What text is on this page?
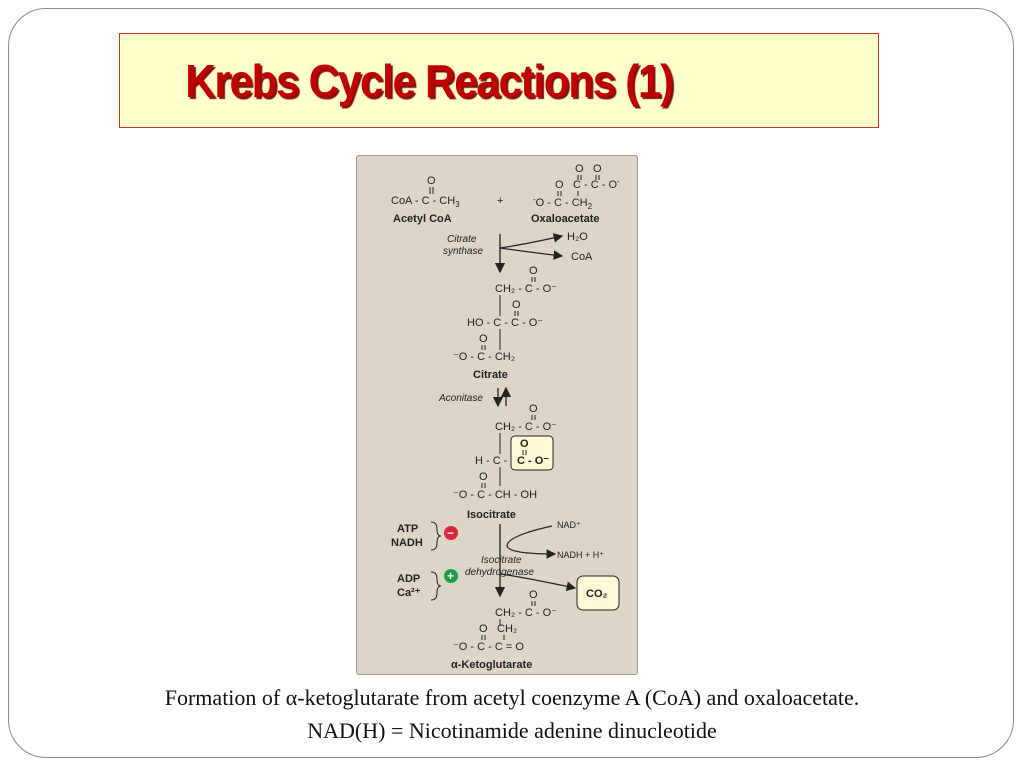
Krebs Cycle Reactions (1)
O
CoA - C - $CH_3$
Acetyl CoA
+
O O
O C - C - O-
-O - C - $CH_2$
Oxaloacetate
Citrate
synthase
H₂O
CoA
O
CH₂ - C - O⁻
O
HO - C - C - O⁻
O
⁻O - C - CH₂
Citrate
Aconitase
O
CH₂ - C - O⁻
O
H - C - C - O⁻
O
⁻O - C - CH - OH
Isocitrate
ATP
NADH
−
ADP
Ca²⁺
+
NAD⁺
NADH + H⁺
Isocitrate
dehydrogenase
CO₂
O
CH₂ - C - O⁻
O CH₂
⁻O - C - C = O
α-Ketoglutarate
Formation of α-ketoglutarate from acetyl coenzyme A (CoA) and oxaloacetate.
NAD(H) = Nicotinamide adenine dinucleotide
